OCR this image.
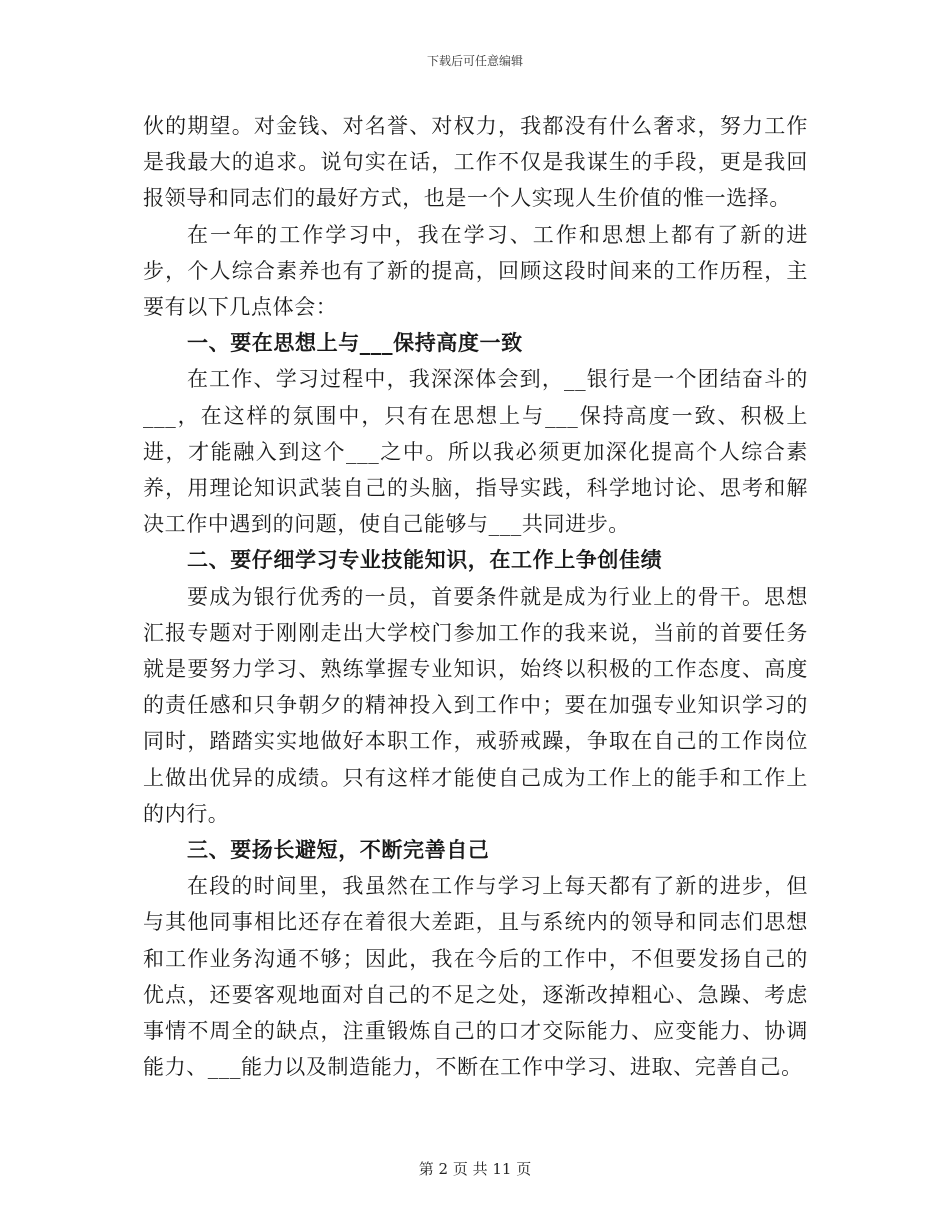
下载后可任意编辑

伙的期望。对金钱、对名誉、对权力，我都没有什么奢求，努力工作是我最大的追求。说句实在话，工作不仅是我谋生的手段，更是我回报领导和同志们的最好方式，也是一个人实现人生价值的惟一选择。

在一年的工作学习中，我在学习、工作和思想上都有了新的进步，个人综合素养也有了新的提高，回顾这段时间来的工作历程，主要有以下几点体会：

一、要在思想上与___保持高度一致

在工作、学习过程中，我深深体会到，__银行是一个团结奋斗的___，在这样的氛围中，只有在思想上与___保持高度一致、积极上进，才能融入到这个___之中。所以我必须更加深化提高个人综合素养，用理论知识武装自己的头脑，指导实践，科学地讨论、思考和解决工作中遇到的问题，使自己能够与___共同进步。

二、要仔细学习专业技能知识，在工作上争创佳绩

要成为银行优秀的一员，首要条件就是成为行业上的骨干。思想汇报专题对于刚刚走出大学校门参加工作的我来说，当前的首要任务就是要努力学习、熟练掌握专业知识，始终以积极的工作态度、高度的责任感和只争朝夕的精神投入到工作中；要在加强专业知识学习的同时，踏踏实实地做好本职工作，戒骄戒躁，争取在自己的工作岗位上做出优异的成绩。只有这样才能使自己成为工作上的能手和工作上的内行。

三、要扬长避短，不断完善自己

在段的时间里，我虽然在工作与学习上每天都有了新的进步，但与其他同事相比还存在着很大差距，且与系统内的领导和同志们思想和工作业务沟通不够；因此，我在今后的工作中，不但要发扬自己的优点，还要客观地面对自己的不足之处，逐渐改掉粗心、急躁、考虑事情不周全的缺点，注重锻炼自己的口才交际能力、应变能力、协调能力、___能力以及制造能力，不断在工作中学习、进取、完善自己。

第 2 页 共 11 页
